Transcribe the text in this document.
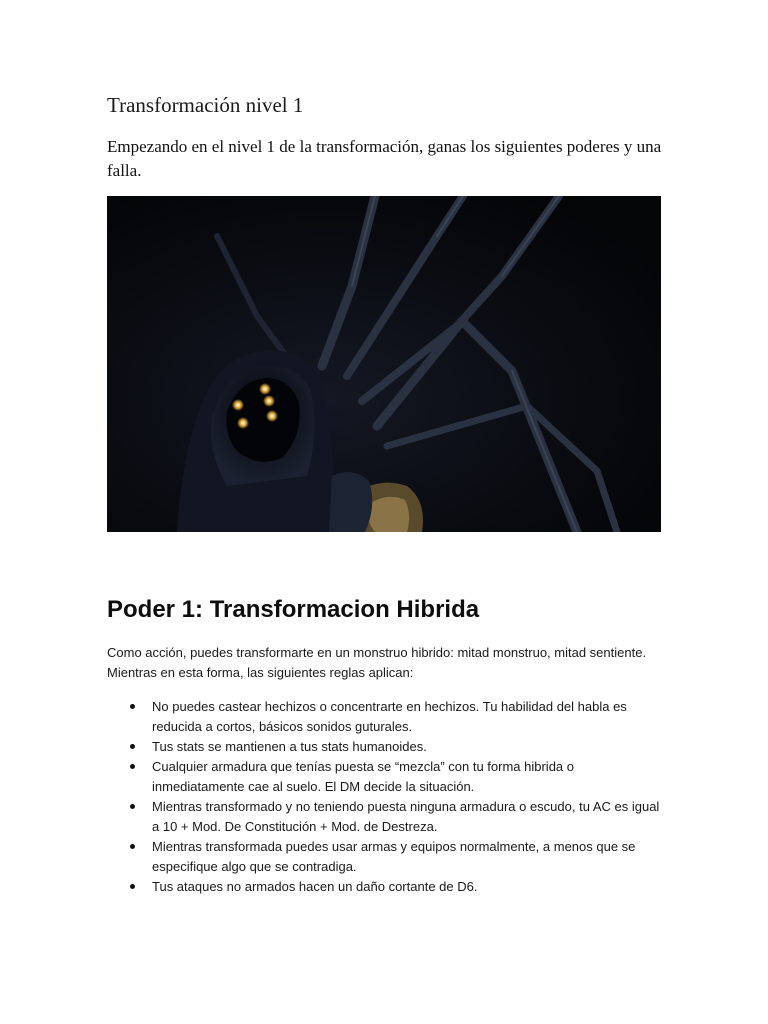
Transformación nivel 1

Empezando en el nivel 1 de la transformación, ganas los siguientes poderes y una falla.

Poder 1: Transformacion Hibrida

Como acción, puedes transformarte en un monstruo hibrido: mitad monstruo, mitad sentiente. Mientras en esta forma, las siguientes reglas aplican:

No puedes castear hechizos o concentrarte en hechizos. Tu habilidad del habla es reducida a cortos, básicos sonidos guturales.
Tus stats se mantienen a tus stats humanoides.
Cualquier armadura que tenías puesta se “mezcla” con tu forma hibrida o inmediatamente cae al suelo. El DM decide la situación.
Mientras transformado y no teniendo puesta ninguna armadura o escudo, tu AC es igual a 10 + Mod. De Constitución + Mod. de Destreza.
Mientras transformada puedes usar armas y equipos normalmente, a menos que se especifique algo que se contradiga.
Tus ataques no armados hacen un daño cortante de D6.
